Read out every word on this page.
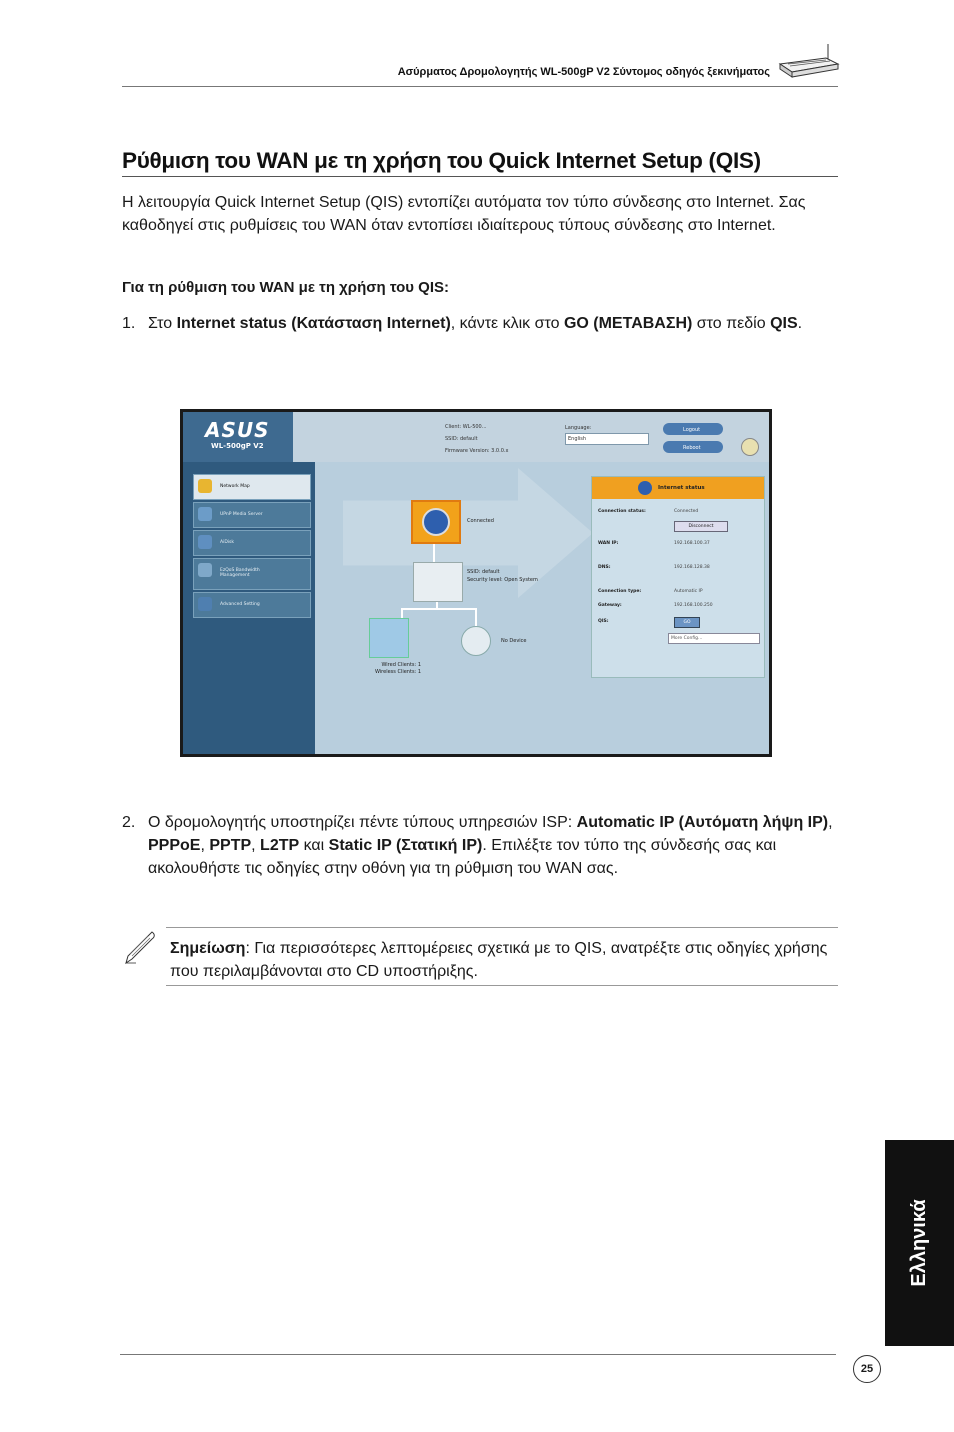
Ασύρματος Δρομολογητής WL-500gP V2 Σύντομος οδηγός ξεκινήματος
Ρύθμιση του WAN με τη χρήση του Quick Internet Setup (QIS)
Η λειτουργία Quick Internet Setup (QIS) εντοπίζει αυτόματα τον τύπο σύνδεσης στο Internet. Σας καθοδηγεί στις ρυθμίσεις του WAN όταν εντοπίσει ιδιαίτερους τύπους σύνδεσης στο Internet.
Για τη ρύθμιση του WAN με τη χρήση του QIS:
1. Στο Internet status (Κατάσταση Internet), κάντε κλικ στο GO (ΜΕΤΑΒΑΣΗ) στο πεδίο QIS.
ASUS
WL-500gP V2
Client: WL-500...
SSID: default
Firmware Version: 3.0.0.x
Language:
English
Logout
Reboot
Network Map
UPnP Media Server
AiDisk
EzQoS Bandwidth Management
Advanced Setting
Connected
SSID: default
Security level: Open System
Wired Clients: 1
Wireless Clients: 1
No Device
Internet status
Connection status:	Connected
Disconnect
WAN IP:	192.168.100.37
DNS:	192.168.128.38
Connection type:	Automatic IP
Gateway:	192.168.100.250
QIS:	GO
More Config...
2. Ο δρομολογητής υποστηρίζει πέντε τύπους υπηρεσιών ISP: Automatic IP (Αυτόματη λήψη IP), PPPoE, PPTP, L2TP και Static IP (Στατική IP). Επιλέξτε τον τύπο της σύνδεσής σας και ακολουθήστε τις οδηγίες στην οθόνη για τη ρύθμιση του WAN σας.
Σημείωση: Για περισσότερες λεπτομέρειες σχετικά με το QIS, ανατρέξτε στις οδηγίες χρήσης που περιλαμβάνονται στο CD υποστήριξης.
Ελληνικά
25
